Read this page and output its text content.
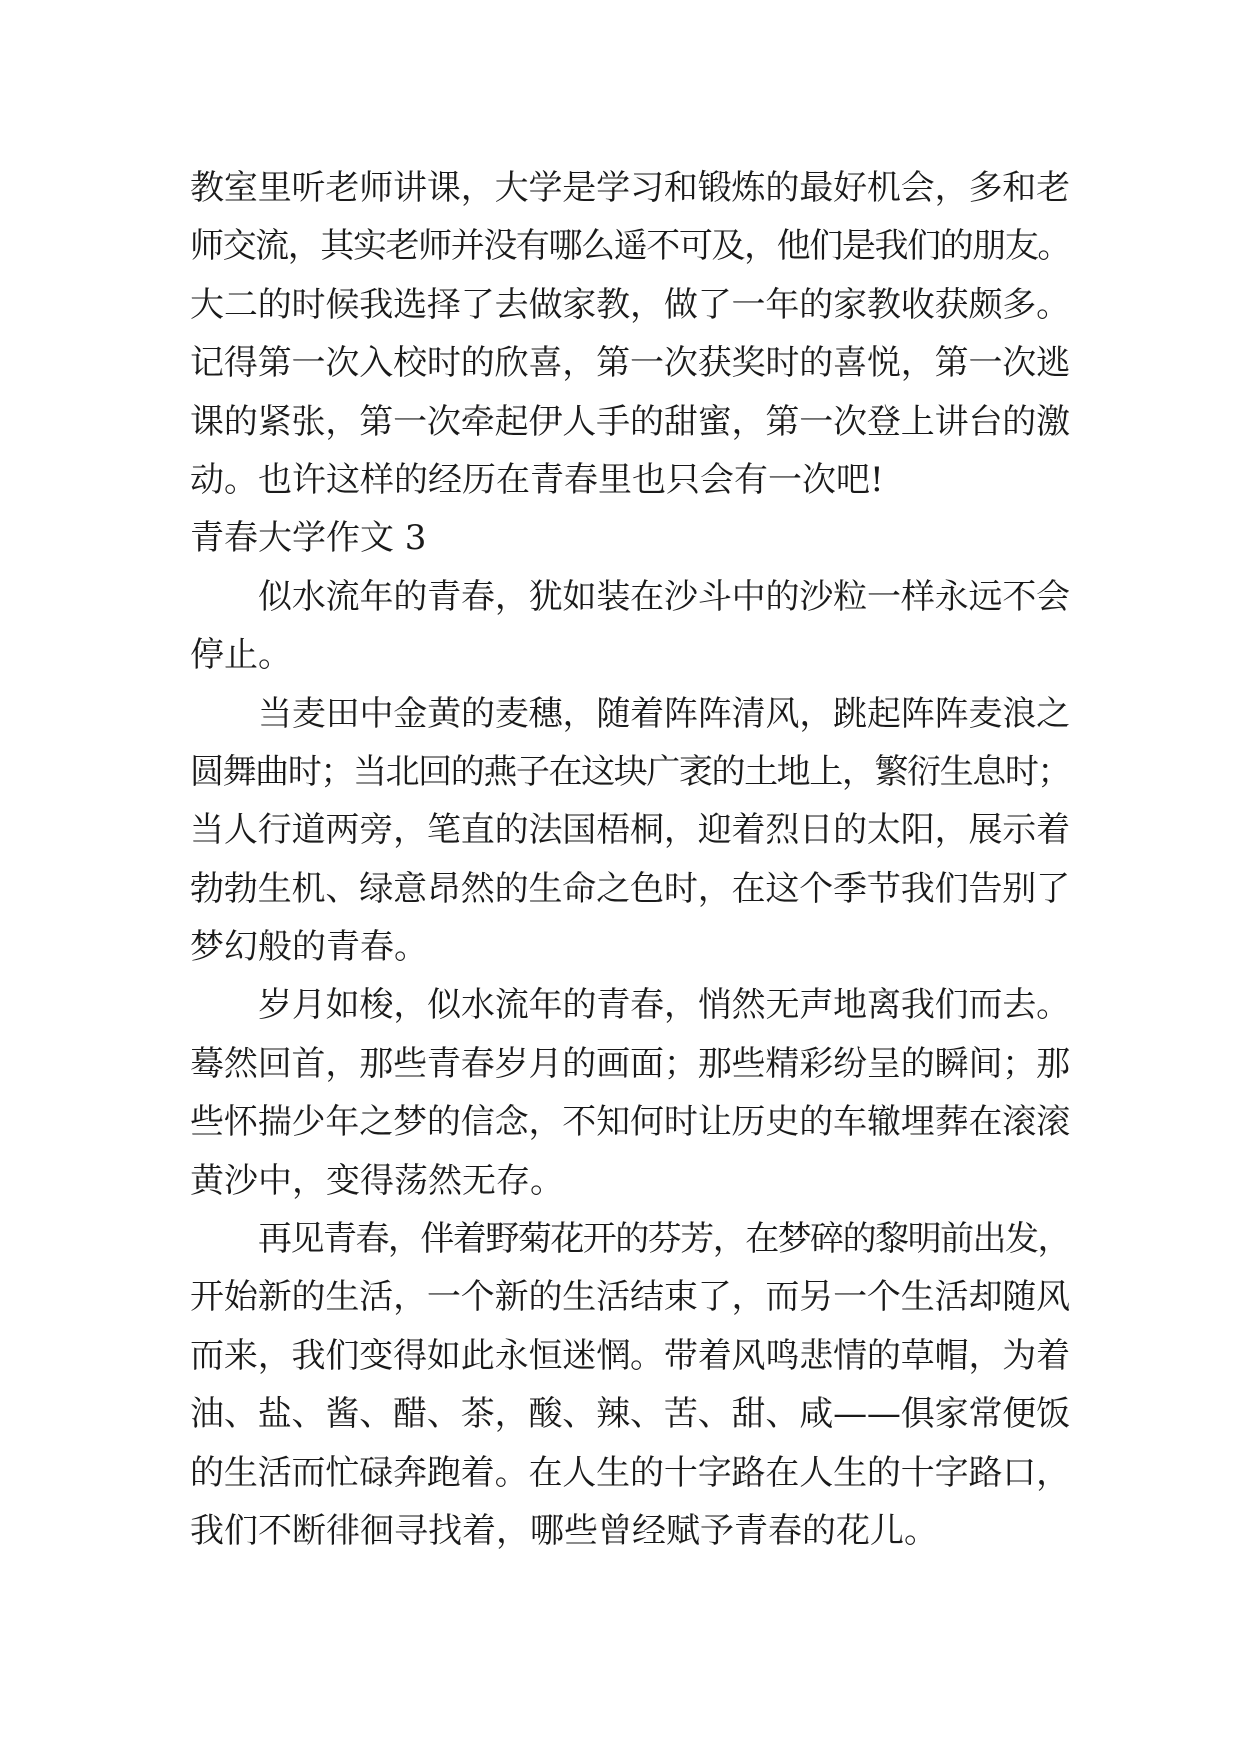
教室里听老师讲课，大学是学习和锻炼的最好机会，多和老
师交流，其实老师并没有哪么遥不可及，他们是我们的朋友。
大二的时候我选择了去做家教，做了一年的家教收获颇多。
记得第一次入校时的欣喜，第一次获奖时的喜悦，第一次逃
课的紧张，第一次牵起伊人手的甜蜜，第一次登上讲台的激
动。也许这样的经历在青春里也只会有一次吧!
青春大学作文 3
似水流年的青春，犹如装在沙斗中的沙粒一样永远不会
停止。
当麦田中金黄的麦穗，随着阵阵清风，跳起阵阵麦浪之
圆舞曲时；当北回的燕子在这块广袤的土地上，繁衍生息时；
当人行道两旁，笔直的法国梧桐，迎着烈日的太阳，展示着
勃勃生机、绿意昂然的生命之色时，在这个季节我们告别了
梦幻般的青春。
岁月如梭，似水流年的青春，悄然无声地离我们而去。
蓦然回首，那些青春岁月的画面；那些精彩纷呈的瞬间；那
些怀揣少年之梦的信念，不知何时让历史的车辙埋葬在滚滚
黄沙中，变得荡然无存。
再见青春，伴着野菊花开的芬芳，在梦碎的黎明前出发，
开始新的生活，一个新的生活结束了，而另一个生活却随风
而来，我们变得如此永恒迷惘。带着风鸣悲情的草帽，为着
油、盐、酱、醋、茶，酸、辣、苦、甜、咸——俱家常便饭
的生活而忙碌奔跑着。在人生的十字路在人生的十字路口，
我们不断徘徊寻找着，哪些曾经赋予青春的花儿。
